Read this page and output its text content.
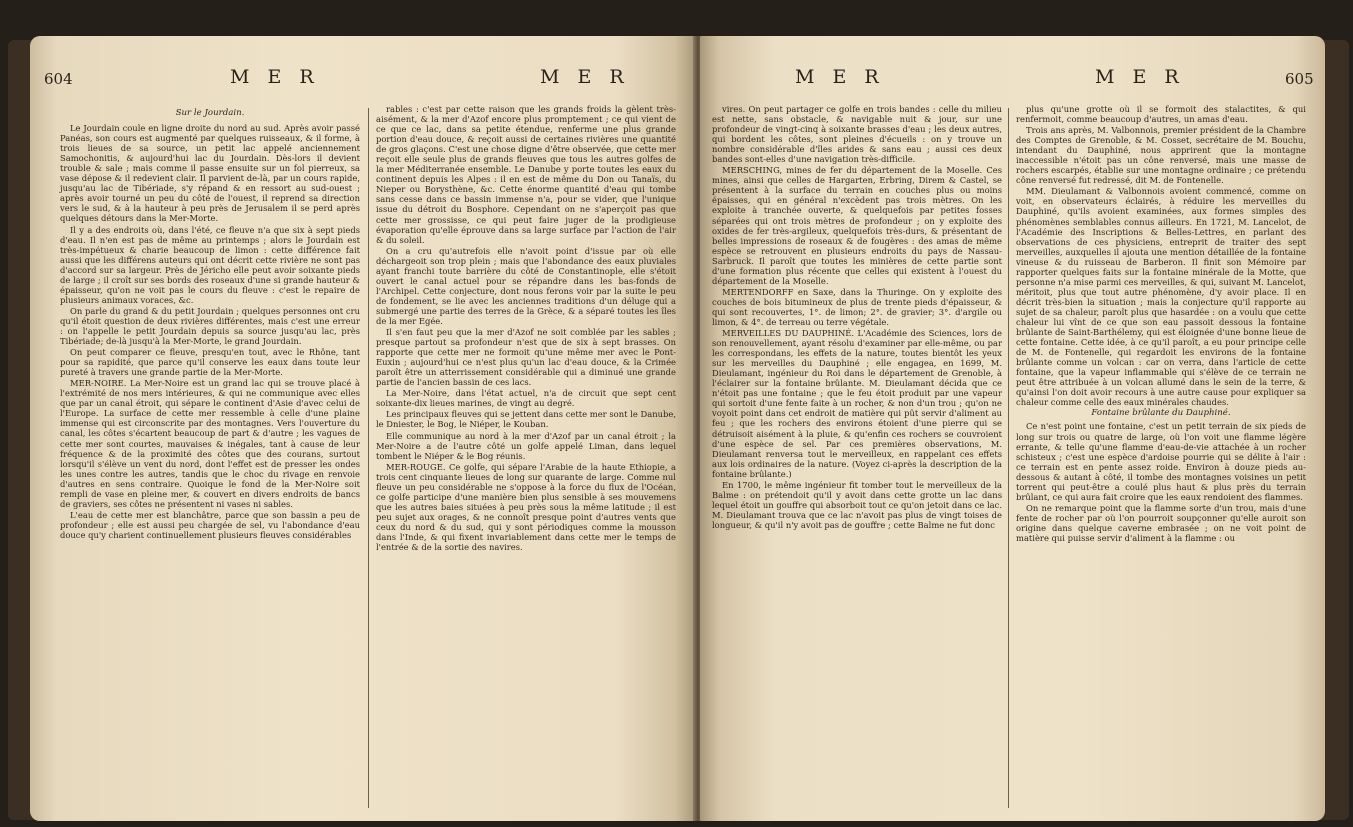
604	M E R	M E R

Sur le Jourdain.

Le Jourdain coule en ligne droite du nord au sud. Après avoir passé Panéas, son cours est augmenté par quelques ruisseaux, & il forme, à trois lieues de sa source, un petit lac appelé anciennement Samochonitis, & aujourd'hui lac du Jourdain. Dès-lors il devient trouble & sale ; mais comme il passe ensuite sur un fol pierreux, sa vase dépose & il redevient clair. Il parvient de-là, par un cours rapide, jusqu'au lac de Tibériade, s'y répand & en ressort au sud-ouest ; après avoir tourné un peu du côté de l'ouest, il reprend sa direction vers le sud, & à la hauteur à peu près de Jerusalem il se perd après quelques détours dans la Mer-Morte.

Il y a des endroits où, dans l'été, ce fleuve n'a que six à sept pieds d'eau. Il n'en est pas de même au printemps ; alors le Jourdain est très-impétueux & charie beaucoup de limon : cette différence fait aussi que les différens auteurs qui ont décrit cette rivière ne sont pas d'accord sur sa largeur. Près de Jéricho elle peut avoir soixante pieds de large ; il croît sur ses bords des roseaux d'une si grande hauteur & épaisseur, qu'on ne voit pas le cours du fleuve : c'est le repaire de plusieurs animaux voraces, &c.

On parle du grand & du petit Jourdain ; quelques personnes ont cru qu'il étoit question de deux rivières différentes, mais c'est une erreur : on l'appelle le petit Jourdain depuis sa source jusqu'au lac, près Tibériade; de-là jusqu'à la Mer-Morte, le grand Jourdain.

On peut comparer ce fleuve, presqu'en tout, avec le Rhône, tant pour sa rapidité, que parce qu'il conserve les eaux dans toute leur pureté à travers une grande partie de la Mer-Morte.

MER-NOIRE. La Mer-Noire est un grand lac qui se trouve placé à l'extrémité de nos mers intérieures, & qui ne communique avec elles que par un canal étroit, qui sépare le continent d'Asie d'avec celui de l'Europe. La surface de cette mer ressemble à celle d'une plaine immense qui est circonscrite par des montagnes. Vers l'ouverture du canal, les côtes s'écartent beaucoup de part & d'autre ; les vagues de cette mer sont courtes, mauvaises & inégales, tant à cause de leur fréquence & de la proximité des côtes que des courans, surtout lorsqu'il s'élève un vent du nord, dont l'effet est de presser les ondes les unes contre les autres, tandis que le choc du rivage en renvoie d'autres en sens contraire. Quoique le fond de la Mer-Noire soit rempli de vase en pleine mer, & couvert en divers endroits de bancs de graviers, ses côtes ne présentent ni vases ni sables.

L'eau de cette mer est blanchâtre, parce que son bassin a peu de profondeur ; elle est aussi peu chargée de sel, vu l'abondance d'eau douce qu'y charient continuellement plusieurs fleuves considérables

rables : c'est par cette raison que les grands froids la gèlent très-aisément, & la mer d'Azof encore plus promptement ; ce qui vient de ce que ce lac, dans sa petite étendue, renferme une plus grande portion d'eau douce, & reçoit aussi de certaines rivières une quantité de gros glaçons. C'est une chose digne d'être observée, que cette mer reçoit elle seule plus de grands fleuves que tous les autres golfes de la mer Méditerranée ensemble. Le Danube y porte toutes les eaux du continent depuis les Alpes : il en est de même du Don ou Tanaïs, du Nieper ou Borysthène, &c. Cette énorme quantité d'eau qui tombe sans cesse dans ce bassin immense n'a, pour se vider, que l'unique issue du détroit du Bosphore. Cependant on ne s'aperçoit pas que cette mer grossisse, ce qui peut faire juger de la prodigieuse évaporation qu'elle éprouve dans sa large surface par l'action de l'air & du soleil.

On a cru qu'autrefois elle n'avoit point d'issue par où elle déchargeoit son trop plein ; mais que l'abondance des eaux pluviales ayant franchi toute barrière du côté de Constantinople, elle s'étoit ouvert le canal actuel pour se répandre dans les bas-fonds de l'Archipel. Cette conjecture, dont nous ferons voir par la suite le peu de fondement, se lie avec les anciennes traditions d'un déluge qui a submergé une partie des terres de la Grèce, & a séparé toutes les îles de la mer Egée.

Il s'en faut peu que la mer d'Azof ne soit comblée par les sables ; presque partout sa profondeur n'est que de six à sept brasses. On rapporte que cette mer ne formoit qu'une même mer avec le Pont-Euxin ; aujourd'hui ce n'est plus qu'un lac d'eau douce, & la Crimée paroît être un atterrissement considérable qui a diminué une grande partie de l'ancien bassin de ces lacs.

La Mer-Noire, dans l'état actuel, n'a de circuit que sept cent soixante-dix lieues marines, de vingt au degré.

Les principaux fleuves qui se jettent dans cette mer sont le Danube, le Dniester, le Bog, le Niéper, le Kouban.

Elle communique au nord à la mer d'Azof par un canal étroit ; la Mer-Noire a de l'autre côté un golfe appelé Liman, dans lequel tombent le Niéper & le Bog réunis.

MER-ROUGE. Ce golfe, qui sépare l'Arabie de la haute Ethiopie, a trois cent cinquante lieues de long sur quarante de large. Comme nul fleuve un peu considérable ne s'oppose à la force du flux de l'Océan, ce golfe participe d'une manière bien plus sensible à ses mouvemens que les autres baies situées à peu près sous la même latitude ; il est peu sujet aux orages, & ne connoît presque point d'autres vents que ceux du nord & du sud, qui y sont périodiques comme la mousson dans l'Inde, & qui fixent invariablement dans cette mer le temps de l'entrée & de la sortie des navires.

M E R	M E R	605

vires. On peut partager ce golfe en trois bandes : celle du milieu est nette, sans obstacle, & navigable nuit & jour, sur une profondeur de vingt-cinq à soixante brasses d'eau ; les deux autres, qui bordent les côtes, sont pleines d'écueils : on y trouve un nombre considérable d'îles arides & sans eau ; aussi ces deux bandes sont-elles d'une navigation très-difficile.

MERSCHING, mines de fer du département de la Moselle. Ces mines, ainsi que celles de Hargarten, Erbring, Direm & Castel, se présentent à la surface du terrain en couches plus ou moins épaisses, qui en général n'excèdent pas trois mètres. On les exploite à tranchée ouverte, & quelquefois par petites fosses séparées qui ont trois mètres de profondeur ; on y exploite des oxides de fer très-argileux, quelquefois très-durs, & présentant de belles impressions de roseaux & de fougères : des amas de même espèce se retrouvent en plusieurs endroits du pays de Nassau-Sarbruck. Il paroît que toutes les minières de cette partie sont d'une formation plus récente que celles qui existent à l'ouest du département de la Moselle.

MERTENDORFF en Saxe, dans la Thuringe. On y exploite des couches de bois bitumineux de plus de trente pieds d'épaisseur, & qui sont recouvertes, 1°. de limon; 2°. de gravier; 3°. d'argile ou limon, & 4°. de terreau ou terre végétale.

MERVEILLES DU DAUPHINÉ. L'Académie des Sciences, lors de son renouvellement, ayant résolu d'examiner par elle-même, ou par les correspondans, les effets de la nature, toutes bientôt les yeux sur les merveilles du Dauphiné ; elle engagea, en 1699, M. Dieulamant, ingénieur du Roi dans le département de Grenoble, à l'éclairer sur la fontaine brûlante. M. Dieulamant décida que ce n'étoit pas une fontaine ; que le feu étoit produit par une vapeur qui sortoit d'une fente faite à un rocher, & non d'un trou ; qu'on ne voyoit point dans cet endroit de matière qui pût servir d'aliment au feu ; que les rochers des environs étoient d'une pierre qui se détruisoit aisément à la pluie, & qu'enfin ces rochers se couvroient d'une espèce de sel. Par ces premières observations, M. Dieulamant renversa tout le merveilleux, en rappelant ces effets aux lois ordinaires de la nature. (Voyez ci-après la description de la fontaine brûlante.)

En 1700, le même ingénieur fit tomber tout le merveilleux de la Balme : on prétendoit qu'il y avoit dans cette grotte un lac dans lequel étoit un gouffre qui absorboit tout ce qu'on jetoit dans ce lac. M. Dieulamant trouva que ce lac n'avoit pas plus de vingt toises de longueur, & qu'il n'y avoit pas de gouffre ; cette Balme ne fut donc

plus qu'une grotte où il se formoit des stalactites, & qui renfermoit, comme beaucoup d'autres, un amas d'eau.

Trois ans après, M. Valbonnois, premier président de la Chambre des Comptes de Grenoble, & M. Cosset, secrétaire de M. Bouchu, intendant du Dauphiné, nous apprirent que la montagne inaccessible n'étoit pas un cône renversé, mais une masse de rochers escarpés, établie sur une montagne ordinaire ; ce prétendu cône renversé fut redressé, dit M. de Fontenelle.

MM. Dieulamant & Valbonnois avoient commencé, comme on voit, en observateurs éclairés, à réduire les merveilles du Dauphiné, qu'ils avoient examinées, aux formes simples des phénomènes semblables connus ailleurs. En 1721, M. Lancelot, de l'Académie des Inscriptions & Belles-Lettres, en parlant des observations de ces physiciens, entreprit de traiter des sept merveilles, auxquelles il ajouta une mention détaillée de la fontaine vineuse & du ruisseau de Barberon. Il finit son Mémoire par rapporter quelques faits sur la fontaine minérale de la Motte, que personne n'a mise parmi ces merveilles, & qui, suivant M. Lancelot, méritoit, plus que tout autre phénomène, d'y avoir place. Il en décrit très-bien la situation ; mais la conjecture qu'il rapporte au sujet de sa chaleur, paroît plus que hasardée : on a voulu que cette chaleur lui vînt de ce que son eau passoit dessous la fontaine brûlante de Saint-Barthélemy, qui est éloignée d'une bonne lieue de cette fontaine. Cette idée, à ce qu'il paroît, a eu pour principe celle de M. de Fontenelle, qui regardoit les environs de la fontaine brûlante comme un volcan : car on verra, dans l'article de cette fontaine, que la vapeur inflammable qui s'élève de ce terrain ne peut être attribuée à un volcan allumé dans le sein de la terre, & qu'ainsi l'on doit avoir recours à une autre cause pour expliquer sa chaleur comme celle des eaux minérales chaudes.

Fontaine brûlante du Dauphiné.

Ce n'est point une fontaine, c'est un petit terrain de six pieds de long sur trois ou quatre de large, où l'on voit une flamme légère errante, & telle qu'une flamme d'eau-de-vie attachée à un rocher schisteux ; c'est une espèce d'ardoise pourrie qui se délite à l'air : ce terrain est en pente assez roide. Environ à douze pieds au-dessous & autant à côté, il tombe des montagnes voisines un petit torrent qui peut-être a coulé plus haut & plus près du terrain brûlant, ce qui aura fait croire que les eaux rendoient des flammes.

On ne remarque point que la flamme sorte d'un trou, mais d'une fente de rocher par où l'on pourroit soupçonner qu'elle auroit son origine dans quelque caverne embrasée ; on ne voit point de matière qui puisse servir d'aliment à la flamme : ou
